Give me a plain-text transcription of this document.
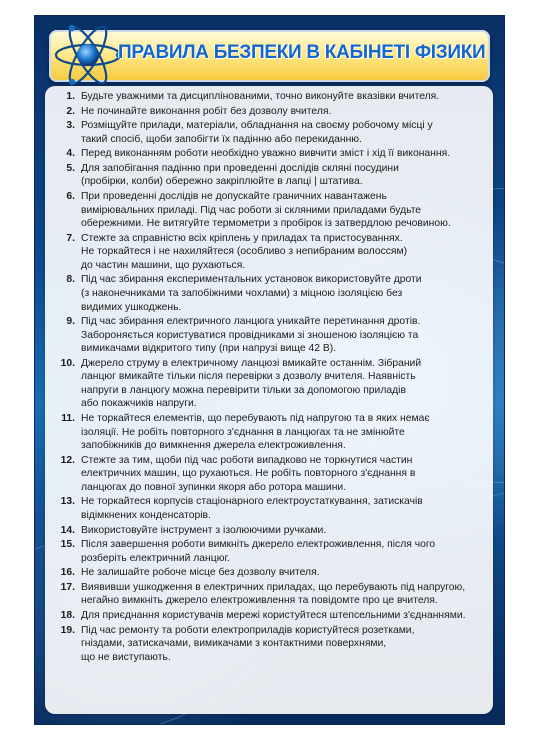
ПРАВИЛА БЕЗПЕКИ В КАБІНЕТІ ФІЗИКИ
1. Будьте уважними та дисциплінованими, точно виконуйте вказівки вчителя.
2. Не починайте виконання робіт без дозволу вчителя.
3. Розміщуйте прилади, матеріали, обладнання на своєму робочому місці у
такий спосіб, щоби запобігти їх падінню або перекиданню.
4. Перед виконанням роботи необхідно уважно вивчити зміст і хід її виконання.
5. Для запобігання падінню при проведенні дослідів скляні посудини
(пробірки, колби) обережно закріплюйте в лапці | штатива.
6. При проведенні дослідів не допускайте граничних навантажень
вимірювальних приладі. Під час роботи зі скляними приладами будьте
обережними. Не витягуйте термометри з пробірок із затвердлою речовиною.
7. Стежте за справністю всіх кріплень у приладах та пристосуваннях.
Не торкайтеся і не нахиляйтеся (особливо з непибраним волоссям)
до частин машини, що рухаються.
8. Під час збирання експериментальних установок використовуйте дроти
(з наконечниками та запобіжними чохлами) з міцною ізоляцією без
видимих ушкоджень.
9. Під час збирання електричного ланцюга уникайте перетинання дротів.
Забороняється користуватися провідниками зі зношеною ізоляцією та
вимикачами відкритого типу (при напрузі вище 42 В).
10. Джерело струму в електричному ланцюзі вмикайте останнім. Зібраний
ланцюг вмикайте тільки після перевірки з дозволу вчителя. Наявність
напруги в ланцюгу можна перевірити тільки за допомогою приладів
або покажчиків напруги.
11. Не торкайтеся елементів, що перебувають під напругою та в яких немає
ізоляції. Не робіть повторного з'єднання в ланцюгах та не змінюйте
запобіжників до вимкнення джерела електроживлення.
12. Стежте за тим, щоби під час роботи випадково не торкнутися частин
електричних машин, що рухаються. Не робіть повторного з'єднання в
ланцюгах до повної зупинки якоря або ротора машини.
13. Не торкайтеся корпусів стаціонарного електроустаткування, затискачів
відімкнених конденсаторів.
14. Використовуйте інструмент з ізолюючими ручками.
15. Після завершення роботи вимкніть джерело електроживлення, після чого
розберіть електричний ланцюг.
16. Не залишайте робоче місце без дозволу вчителя.
17. Виявивши ушкодження в електричних приладах, що перебувають під напругою,
негайно вимкніть джерело електроживлення та повідомте про це вчителя.
18. Для приєднання користувачів мережі користуйтеся штепсельними з'єднаннями.
19. Під час ремонту та роботи електроприладів користуйтеся розетками,
гніздами, затискачами, вимикачами з контактними поверхнями,
що не виступають.
